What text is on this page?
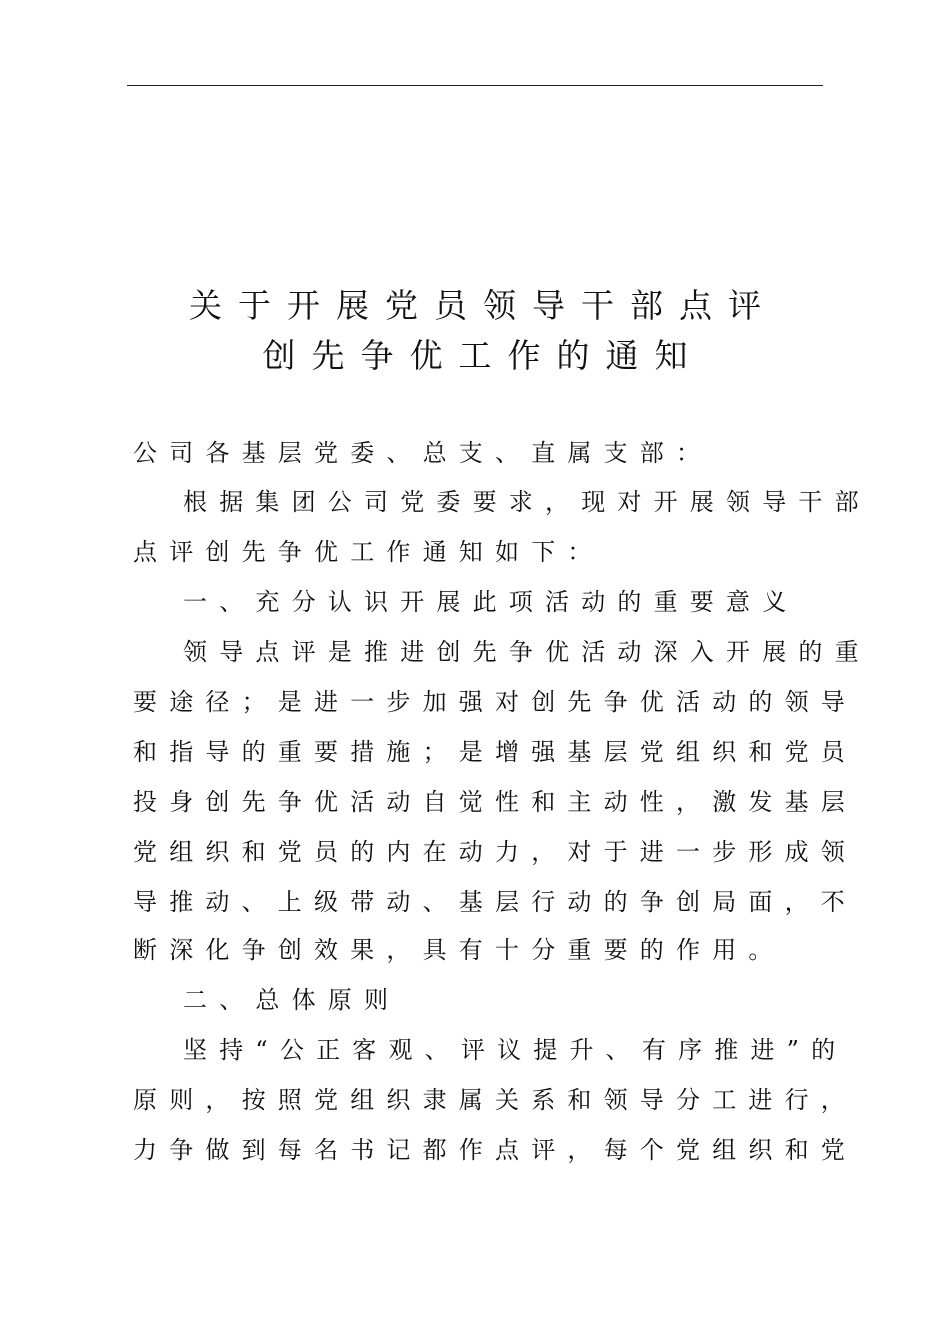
关于开展党员领导干部点评
创先争优工作的通知
公司各基层党委、总支、直属支部：
根据集团公司党委要求，现对开展领导干部
点评创先争优工作通知如下：
一、充分认识开展此项活动的重要意义
领导点评是推进创先争优活动深入开展的重
要途径；是进一步加强对创先争优活动的领导
和指导的重要措施；是增强基层党组织和党员
投身创先争优活动自觉性和主动性，激发基层
党组织和党员的内在动力，对于进一步形成领
导推动、上级带动、基层行动的争创局面，不
断深化争创效果，具有十分重要的作用。
二、总体原则
坚持“公正客观、评议提升、有序推进”的
原则，按照党组织隶属关系和领导分工进行，
力争做到每名书记都作点评，每个党组织和党
